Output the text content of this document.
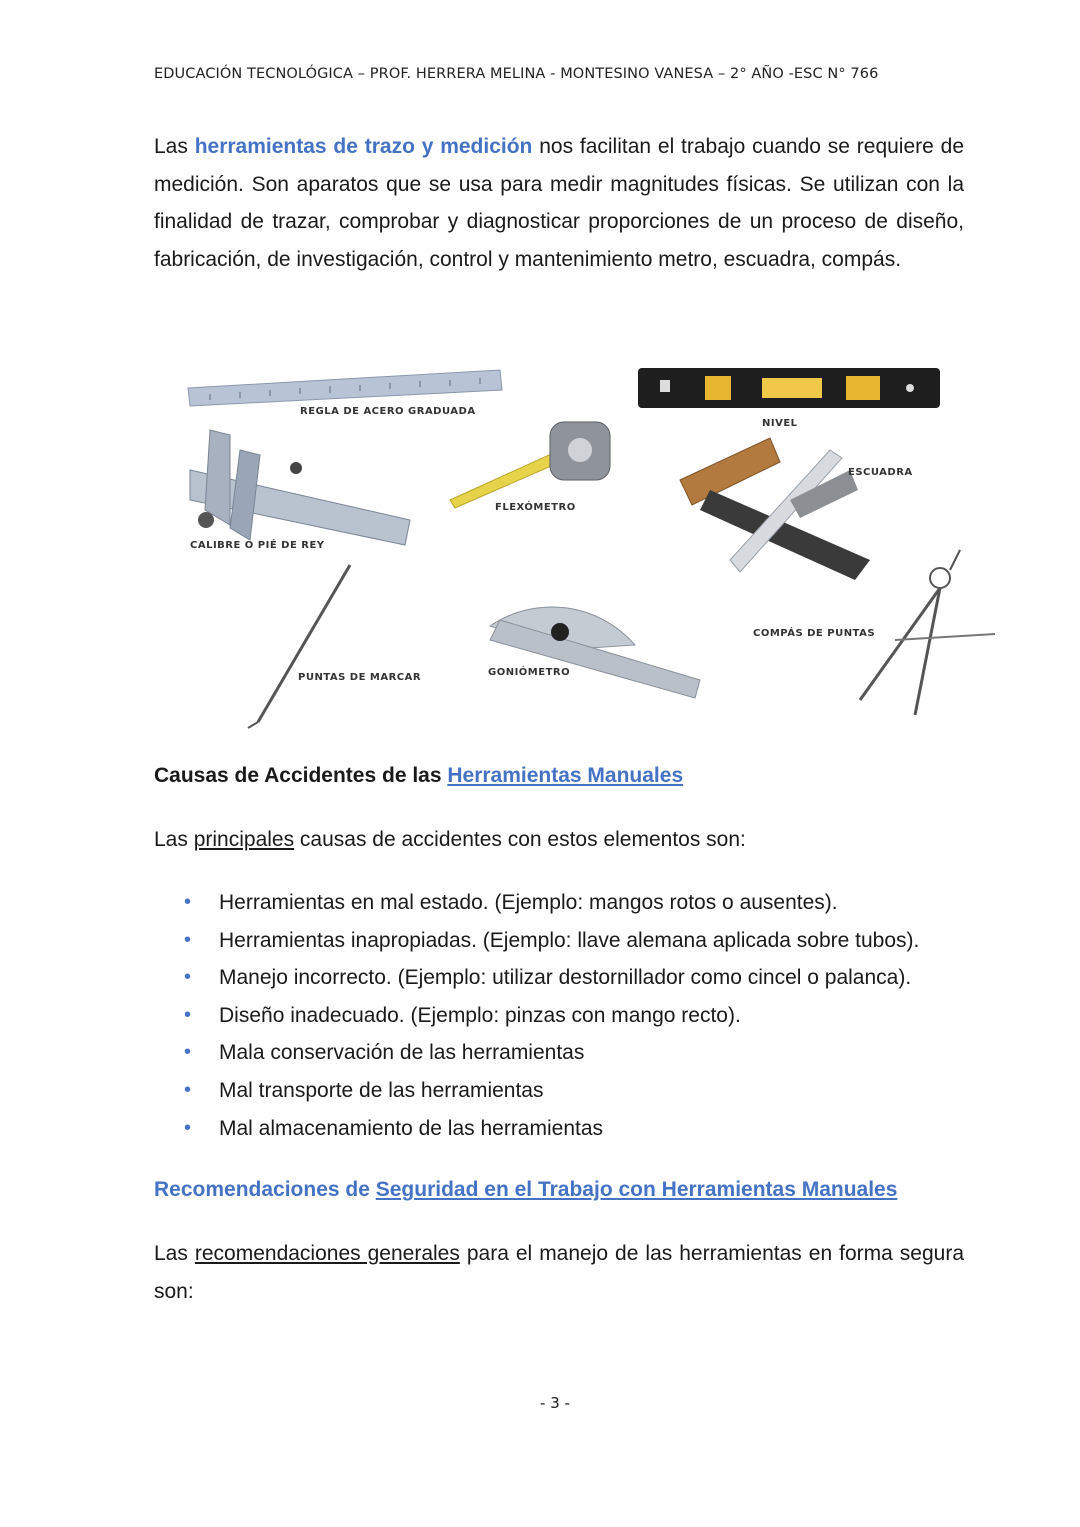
EDUCACIÓN TECNOLÓGICA – PROF. HERRERA MELINA - MONTESINO VANESA – 2° AÑO -ESC N° 766

Las herramientas de trazo y medición nos facilitan el trabajo cuando se requiere de medición. Son aparatos que se usa para medir magnitudes físicas. Se utilizan con la finalidad de trazar, comprobar y diagnosticar proporciones de un proceso de diseño, fabricación, de investigación, control y mantenimiento metro, escuadra, compás.

REGLA DE ACERO GRADUADA
NIVEL
CALIBRE O PIÉ DE REY
FLEXÓMETRO
ESCUADRA
PUNTAS DE MARCAR	GONIÓMETRO
COMPÁS DE PUNTAS
Causas de Accidentes de las Herramientas Manuales
Las principales causas de accidentes con estos elementos son:
• Herramientas en mal estado. (Ejemplo: mangos rotos o ausentes).
• Herramientas inapropiadas. (Ejemplo: llave alemana aplicada sobre tubos).
• Manejo incorrecto. (Ejemplo: utilizar destornillador como cincel o palanca).
• Diseño inadecuado. (Ejemplo: pinzas con mango recto).
• Mala conservación de las herramientas
• Mal transporte de las herramientas
• Mal almacenamiento de las herramientas
Recomendaciones de Seguridad en el Trabajo con Herramientas Manuales

Las recomendaciones generales para el manejo de las herramientas en forma segura son:

- 3 -
